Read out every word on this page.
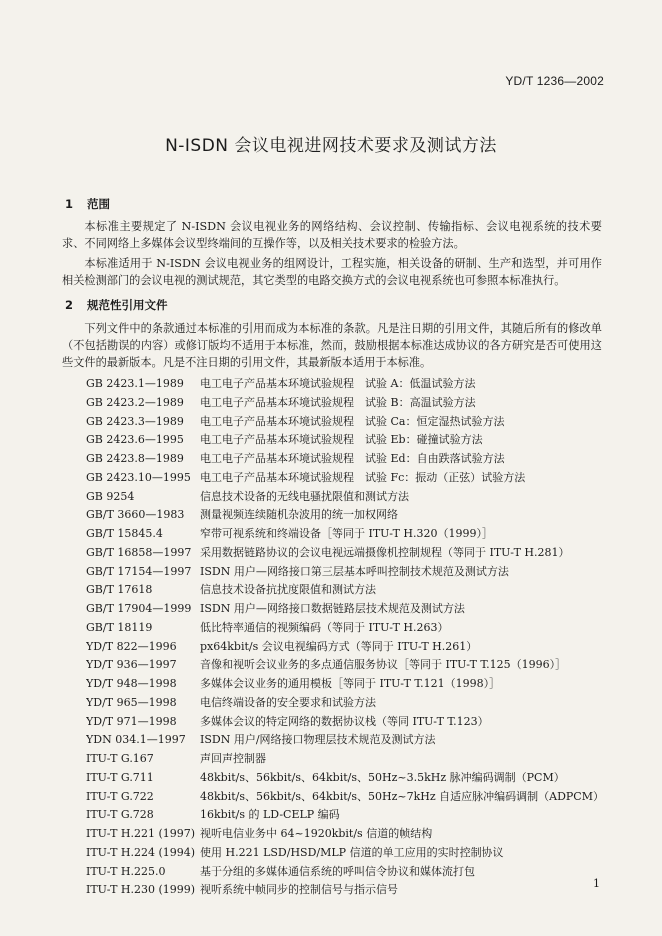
YD/T 1236—2002
N-ISDN 会议电视进网技术要求及测试方法
1 范围
本标准主要规定了 N-ISDN 会议电视业务的网络结构、会议控制、传输指标、会议电视系统的技术要求、不同网络上多媒体会议型终端间的互操作等，以及相关技术要求的检验方法。
本标准适用于 N-ISDN 会议电视业务的组网设计，工程实施，相关设备的研制、生产和选型，并可用作相关检测部门的会议电视的测试规范，其它类型的电路交换方式的会议电视系统也可参照本标准执行。
2 规范性引用文件
下列文件中的条款通过本标准的引用而成为本标准的条款。凡是注日期的引用文件，其随后所有的修改单（不包括勘误的内容）或修订版均不适用于本标准，然而，鼓励根据本标准达成协议的各方研究是否可使用这些文件的最新版本。凡是不注日期的引用文件，其最新版本适用于本标准。
GB 2423.1—1989 电工电子产品基本环境试验规程　试验 A：低温试验方法
GB 2423.2—1989 电工电子产品基本环境试验规程　试验 B：高温试验方法
GB 2423.3—1989 电工电子产品基本环境试验规程　试验 Ca：恒定湿热试验方法
GB 2423.6—1995 电工电子产品基本环境试验规程　试验 Eb：碰撞试验方法
GB 2423.8—1989 电工电子产品基本环境试验规程　试验 Ed：自由跌落试验方法
GB 2423.10—1995 电工电子产品基本环境试验规程　试验 Fc：振动（正弦）试验方法
GB 9254	信息技术设备的无线电骚扰限值和测试方法
GB/T 3660—1983 测量视频连续随机杂波用的统一加权网络
GB/T 15845.4	窄带可视系统和终端设备［等同于 ITU-T H.320（1999）］
GB/T 16858—1997 采用数据链路协议的会议电视远端摄像机控制规程（等同于 ITU-T H.281）
GB/T 17154—1997 ISDN 用户—网络接口第三层基本呼叫控制技术规范及测试方法
GB/T 17618	信息技术设备抗扰度限值和测试方法
GB/T 17904—1999 ISDN 用户—网络接口数据链路层技术规范及测试方法
GB/T 18119	低比特率通信的视频编码（等同于 ITU-T H.263）
YD/T 822—1996 px64kbit/s 会议电视编码方式（等同于 ITU-T H.261）
YD/T 936—1997 音像和视听会议业务的多点通信服务协议［等同于 ITU-T T.125（1996）］
YD/T 948—1998 多媒体会议业务的通用模板［等同于 ITU-T T.121（1998）］
YD/T 965—1998 电信终端设备的安全要求和试验方法
YD/T 971—1998 多媒体会议的特定网络的数据协议栈（等同 ITU-T T.123）
YDN 034.1—1997 ISDN 用户/网络接口物理层技术规范及测试方法
ITU-T G.167	声回声控制器
ITU-T G.711	48kbit/s、56kbit/s、64kbit/s、50Hz~3.5kHz 脉冲编码调制（PCM）
ITU-T G.722	48kbit/s、56kbit/s、64kbit/s、50Hz~7kHz 自适应脉冲编码调制（ADPCM）
ITU-T G.728	16kbit/s 的 LD-CELP 编码
ITU-T H.221 (1997) 视听电信业务中 64~1920kbit/s 信道的帧结构
ITU-T H.224 (1994) 使用 H.221 LSD/HSD/MLP 信道的单工应用的实时控制协议
ITU-T H.225.0	基于分组的多媒体通信系统的呼叫信令协议和媒体流打包
ITU-T H.230 (1999) 视听系统中帧同步的控制信号与指示信号	1
